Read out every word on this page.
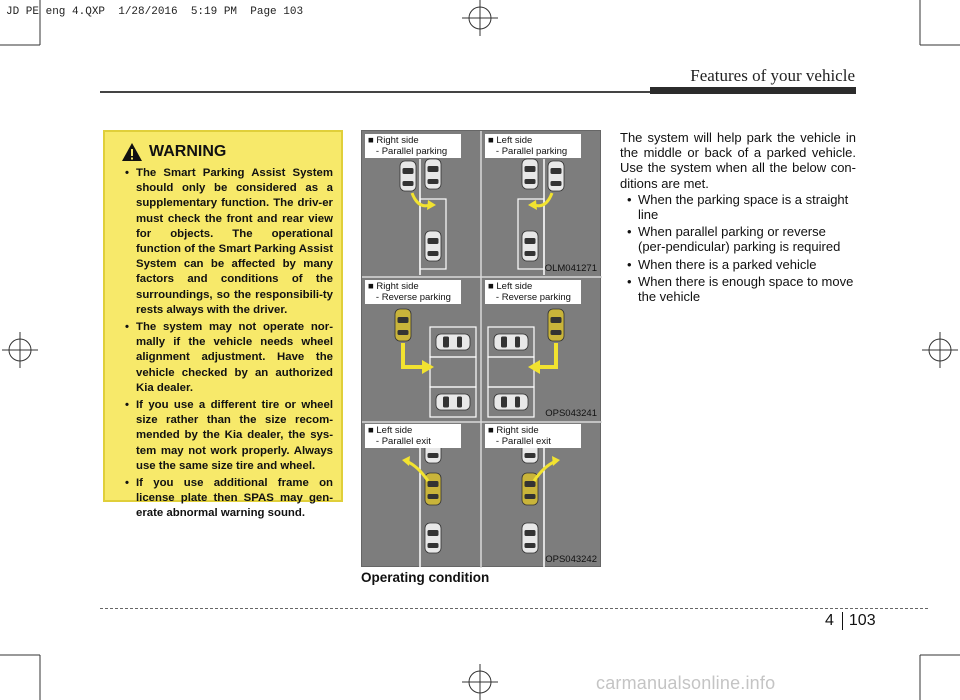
JD PE eng 4.QXP  1/28/2016  5:19 PM  Page 103
Features of your vehicle
WARNING
• The Smart Parking Assist System should only be considered as a supplementary function. The driv-er must check the front and rear view for objects. The operational function of the Smart Parking Assist System can be affected by many factors and conditions of the surroundings, so the responsibili-ty rests always with the driver.
• The system may not operate nor-mally if the vehicle needs wheel alignment adjustment. Have the vehicle checked by an authorized Kia dealer.
• If you use a different tire or wheel size rather than the size recom-mended by the Kia dealer, the sys-tem may not work properly. Always use the same size tire and wheel.
• If you use additional frame on license plate then SPAS may gen-erate abnormal warning sound.
■ Right side
- Parallel parking
■ Left side
- Parallel parking
■ Right side
- Reverse parking
■ Left side
- Reverse parking
■ Left side
- Parallel exit
■ Right side
- Parallel exit
OLM041271
OPS043241
OPS043242
Operating condition

The system will help park the vehicle in the middle or back of a parked vehicle. Use the system when all the below con-ditions are met.

• When the parking space is a straight line
• When parallel parking or reverse (per-pendicular) parking is required
• When there is a parked vehicle
• When there is enough space to move the vehicle
4 103
carmanualsonline.info
